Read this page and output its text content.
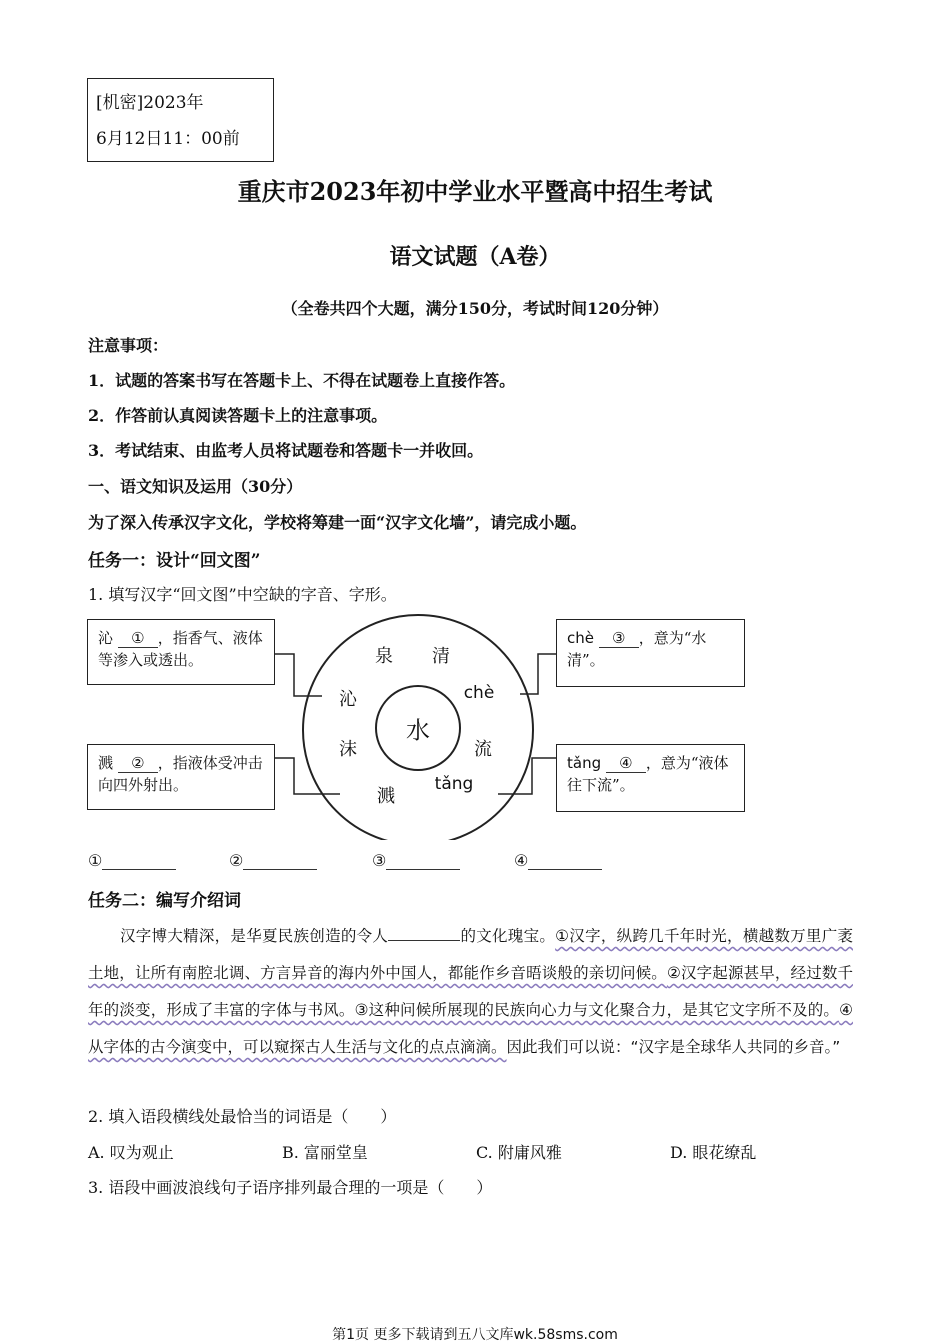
[机密]2023年
6月12日11：00前
重庆市2023年初中学业水平暨高中招生考试
语文试题（A卷）
（全卷共四个大题，满分150分，考试时间120分钟）
注意事项：
1．试题的答案书写在答题卡上、不得在试题卷上直接作答。
2．作答前认真阅读答题卡上的注意事项。
3．考试结束、由监考人员将试题卷和答题卡一并收回。
一、语文知识及运用（30分）
为了深入传承汉字文化，学校将筹建一面“汉字文化墙”，请完成小题。
任务一：设计“回文图”
1. 填写汉字“回文图”中空缺的字音、字形。
沁 ① ，指香气、液体等渗入或透出。
溅 ② ，指液体受冲击向四外射出。
chè ③ ，意为“水清”。
tǎng ④ ，意为“液体往下流”。
泉 清
沁	chè
沫	流
溅
tǎng
水
①	②	③	④
任务二：编写介绍词

汉字博大精深，是华夏民族创造的令人	的文化瑰宝。①汉字，纵跨几千年时光，横越数万里广袤土地，让所有南腔北调、方言异音的海内外中国人，都能作乡音晤谈般的亲切问候。②汉字起源甚早，经过数千年的淡变，形成了丰富的字体与书风。③这种问候所展现的民族向心力与文化聚合力，是其它文字所不及的。④从字体的古今演变中，可以窥探古人生活与文化的点点滴滴。因此我们可以说：“汉字是全球华人共同的乡音。”

2. 填入语段横线处最恰当的词语是（　　）
A. 叹为观止	B. 富丽堂皇	C. 附庸风雅	D. 眼花缭乱
3. 语段中画波浪线句子语序排列最合理的一项是（　　）
第1页 更多下载请到五八文库wk.58sms.com
